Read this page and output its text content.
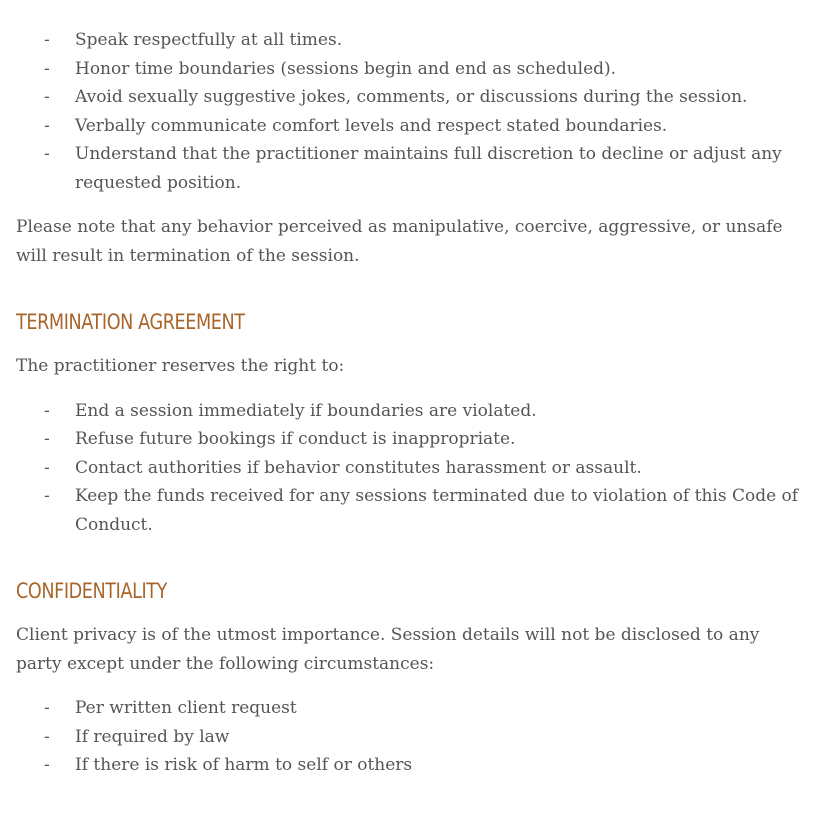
- Speak respectfully at all times.
- Honor time boundaries (sessions begin and end as scheduled).
- Avoid sexually suggestive jokes, comments, or discussions during the session.
- Verbally communicate comfort levels and respect stated boundaries.
- Understand that the practitioner maintains full discretion to decline or adjust any requested position.

Please note that any behavior perceived as manipulative, coercive, aggressive, or unsafe will result in termination of the session.

TERMINATION AGREEMENT

The practitioner reserves the right to:

- End a session immediately if boundaries are violated.
- Refuse future bookings if conduct is inappropriate.
- Contact authorities if behavior constitutes harassment or assault.
- Keep the funds received for any sessions terminated due to violation of this Code of Conduct.
CONFIDENTIALITY

Client privacy is of the utmost importance. Session details will not be disclosed to any party except under the following circumstances:

- Per written client request
- If required by law
- If there is risk of harm to self or others
